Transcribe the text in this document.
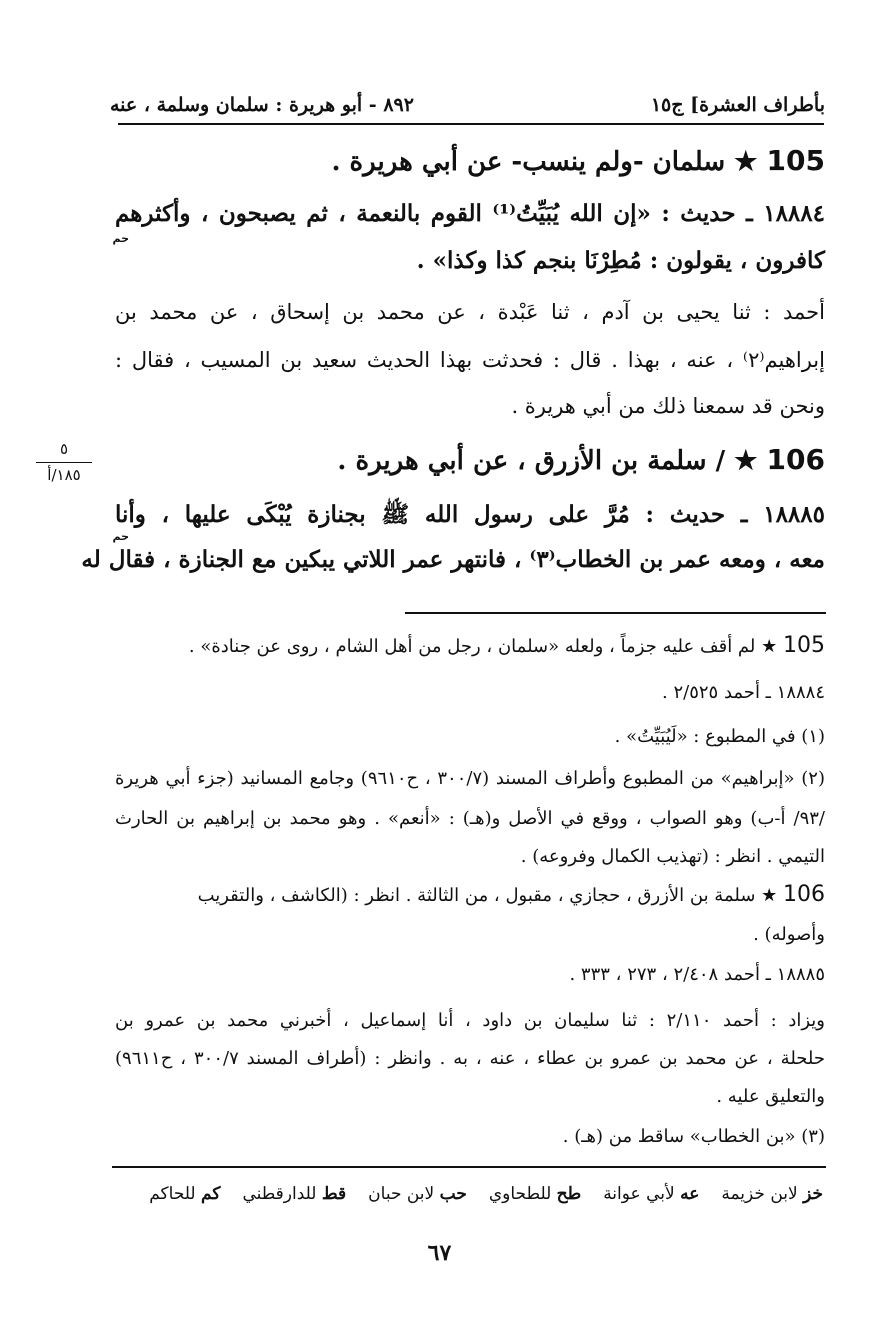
٨٩٢ - أبو هريرة : سلمان وسلمة ، عنه	بأطراف العشرة] ج١٥
105 ★ سلمان -ولم ينسب- عن أبي هريرة .
١٨٨٨٤ ـ حديث : «إن الله يُبَيِّتُ⁽¹⁾ القوم بالنعمة ، ثم يصبحون ، وأكثرهم
حم
كافرون ، يقولون : مُطِرْنَا بنجم كذا وكذا» .
أحمد : ثنا يحيى بن آدم ، ثنا عَبْدة ، عن محمد بن إسحاق ، عن محمد بن
إبراهيم⁽٢⁾ ، عنه ، بهذا . قال : فحدثت بهذا الحديث سعيد بن المسيب ، فقال :
ونحن قد سمعنا ذلك من أبي هريرة .
٥
١٨٥/أ	106 ★ / سلمة بن الأزرق ، عن أبي هريرة .
١٨٨٨٥ ـ حديث : مُرَّ على رسول الله ﷺ بجنازة يُبْكَى عليها ، وأنا
حم
معه ، ومعه عمر بن الخطاب⁽٣⁾ ، فانتهر عمر اللاتي يبكين مع الجنازة ، فقال له
105 ★ لم أقف عليه جزماً ، ولعله «سلمان ، رجل من أهل الشام ، روى عن جنادة» .
١٨٨٨٤ ـ أحمد ٢/٥٢٥ .
(١) في المطبوع : «لَيُبَيِّتُ» .
(٢) «إبراهيم» من المطبوع وأطراف المسند (٣٠٠/٧ ، ح٩٦١٠) وجامع المسانيد (جزء أبي هريرة
/٩٣/ أ-ب) وهو الصواب ، ووقع في الأصل و(هـ) : «أنعم» . وهو محمد بن إبراهيم بن الحارث
التيمي . انظر : (تهذيب الكمال وفروعه) .
106 ★ سلمة بن الأزرق ، حجازي ، مقبول ، من الثالثة . انظر : (الكاشف ، والتقريب
وأصوله) .
١٨٨٨٥ ـ أحمد ٢/٤٠٨ ، ٢٧٣ ، ٣٣٣ .
ويزاد : أحمد ٢/١١٠ : ثنا سليمان بن داود ، أنا إسماعيل ، أخبرني محمد بن عمرو بن
حلحلة ، عن محمد بن عمرو بن عطاء ، عنه ، به . وانظر : (أطراف المسند ٣٠٠/٧ ، ح٩٦١١)
والتعليق عليه .
(٣) «بن الخطاب» ساقط من (هـ) .
خز لابن خزيمة
عه لأبي عوانة
طح للطحاوي
حب لابن حبان
قط للدارقطني
كم للحاكم
٦٧
